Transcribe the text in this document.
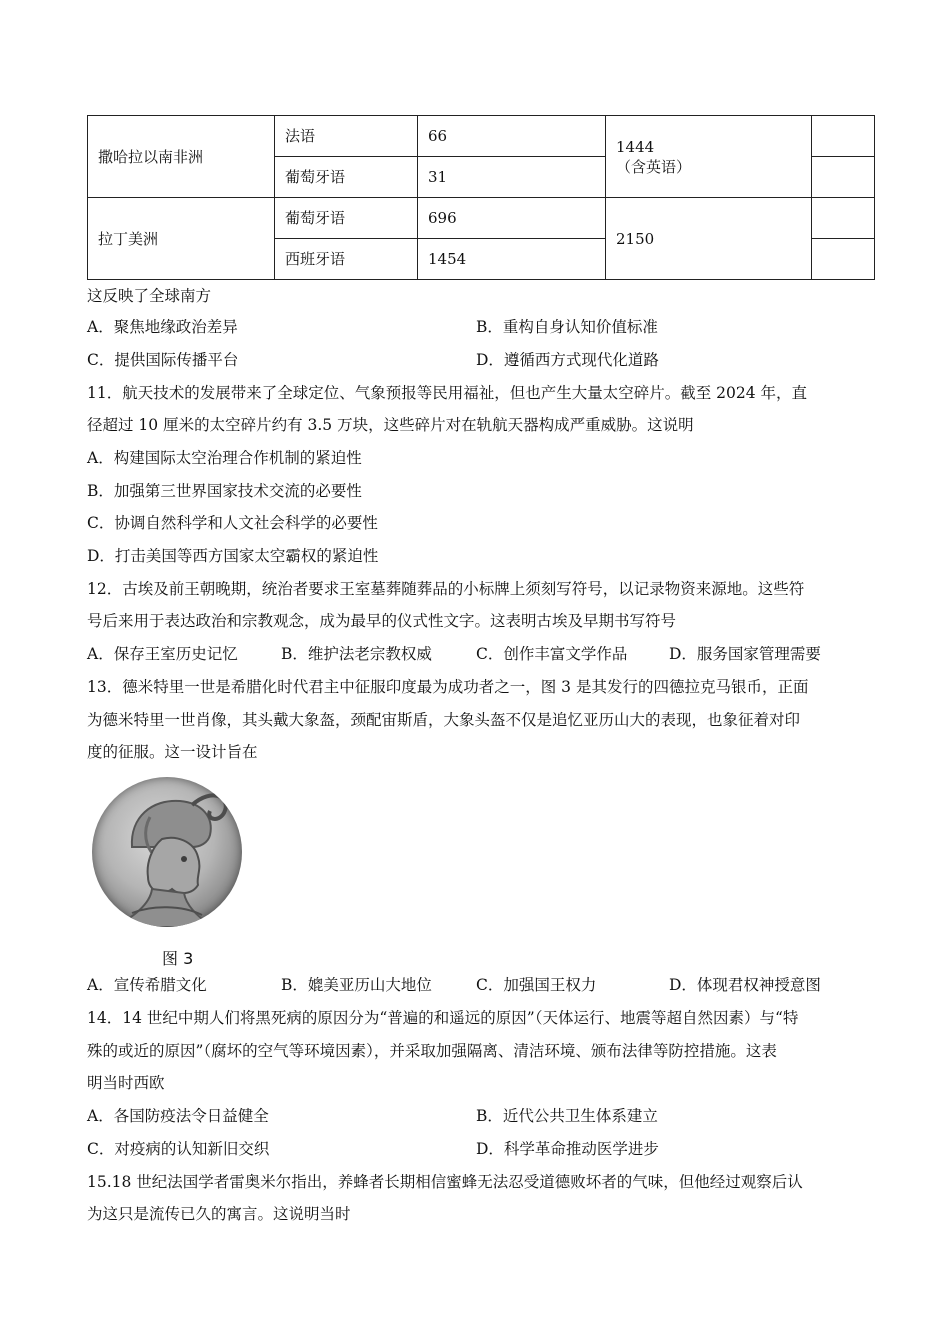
撒哈拉以南非洲	法语	66	1444
（含英语）	

	葡萄牙语	31		
拉丁美洲	葡萄牙语	696	2150	

	西班牙语	1454		
这反映了全球南方
A．聚焦地缘政治差异	B．重构自身认知价值标准
C．提供国际传播平台	D．遵循西方式现代化道路
11．航天技术的发展带来了全球定位、气象预报等民用福祉，但也产生大量太空碎片。截至 2024 年，直
径超过 10 厘米的太空碎片约有 3.5 万块，这些碎片对在轨航天器构成严重威胁。这说明
A．构建国际太空治理合作机制的紧迫性
B．加强第三世界国家技术交流的必要性
C．协调自然科学和人文社会科学的必要性
D．打击美国等西方国家太空霸权的紧迫性
12．古埃及前王朝晚期，统治者要求王室墓葬随葬品的小标牌上须刻写符号，以记录物资来源地。这些符
号后来用于表达政治和宗教观念，成为最早的仪式性文字。这表明古埃及早期书写符号
A．保存王室历史记忆	B．维护法老宗教权威	C．创作丰富文学作品	D．服务国家管理需要
13．德米特里一世是希腊化时代君主中征服印度最为成功者之一，图 3 是其发行的四德拉克马银币，正面
为德米特里一世肖像，其头戴大象盔，颈配宙斯盾，大象头盔不仅是追忆亚历山大的表现，也象征着对印
度的征服。这一设计旨在
图 3
A．宣传希腊文化	B．媲美亚历山大地位	C．加强国王权力	D．体现君权神授意图
14．14 世纪中期人们将黑死病的原因分为“普遍的和遥远的原因”（天体运行、地震等超自然因素）与“特
殊的或近的原因”（腐坏的空气等环境因素），并采取加强隔离、清洁环境、颁布法律等防控措施。这表
明当时西欧
A．各国防疫法令日益健全	B．近代公共卫生体系建立
C．对疫病的认知新旧交织	D．科学革命推动医学进步
15.18 世纪法国学者雷奥米尔指出，养蜂者长期相信蜜蜂无法忍受道德败坏者的气味，但他经过观察后认
为这只是流传已久的寓言。这说明当时
